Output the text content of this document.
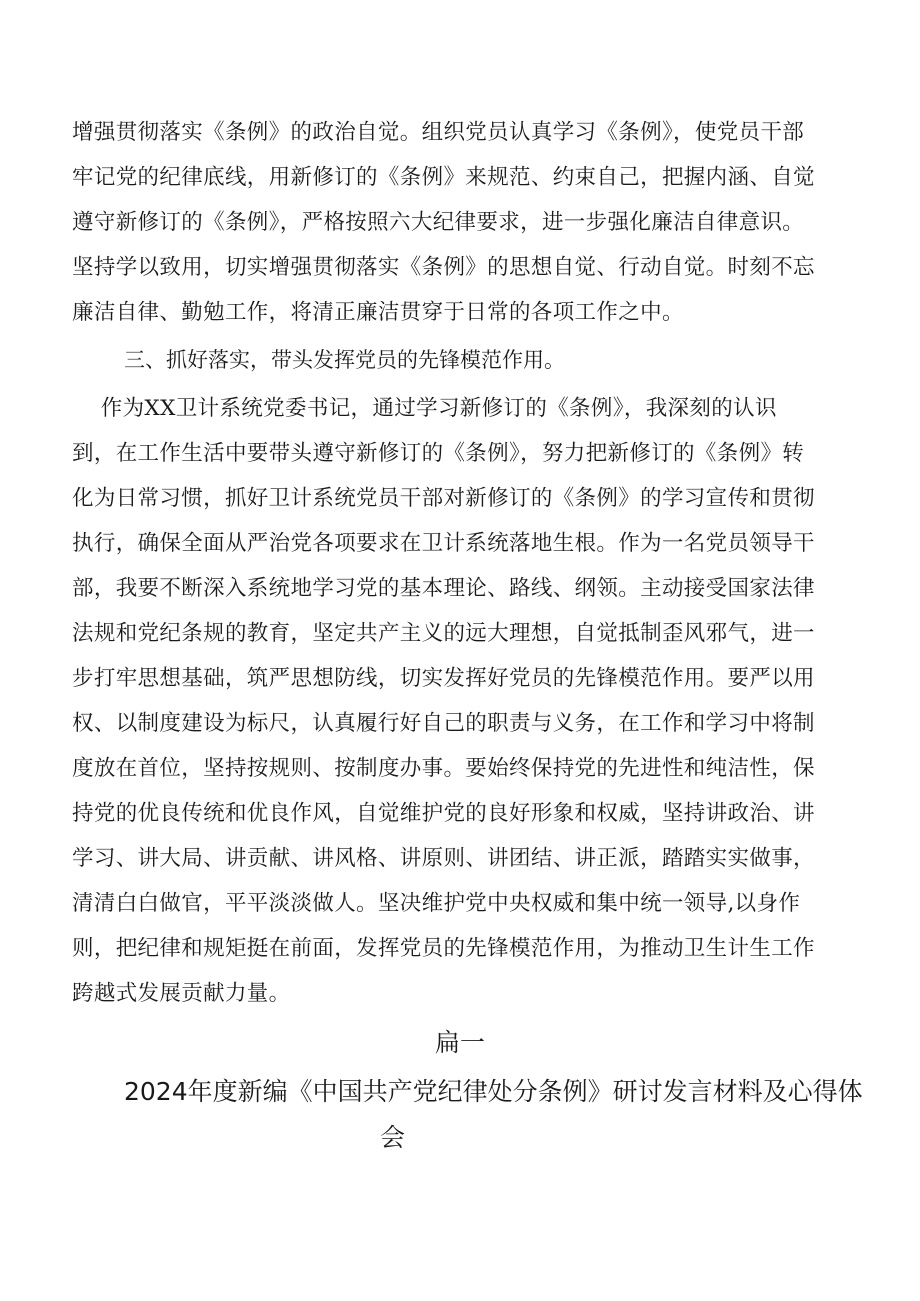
增强贯彻落实《条例》的政治自觉。组织党员认真学习《条例》，使党员干部
牢记党的纪律底线，用新修订的《条例》来规范、约束自己，把握内涵、自觉
遵守新修订的《条例》，严格按照六大纪律要求，进一步强化廉洁自律意识。
坚持学以致用，切实增强贯彻落实《条例》的思想自觉、行动自觉。时刻不忘
廉洁自律、勤勉工作，将清正廉洁贯穿于日常的各项工作之中。
三、抓好落实，带头发挥党员的先锋模范作用。
作为XX卫计系统党委书记，通过学习新修订的《条例》，我深刻的认识
到，在工作生活中要带头遵守新修订的《条例》，努力把新修订的《条例》转
化为日常习惯，抓好卫计系统党员干部对新修订的《条例》的学习宣传和贯彻
执行，确保全面从严治党各项要求在卫计系统落地生根。作为一名党员领导干
部，我要不断深入系统地学习党的基本理论、路线、纲领。主动接受国家法律
法规和党纪条规的教育，坚定共产主义的远大理想，自觉抵制歪风邪气，进一
步打牢思想基础，筑严思想防线，切实发挥好党员的先锋模范作用。要严以用
权、以制度建设为标尺，认真履行好自己的职责与义务，在工作和学习中将制
度放在首位，坚持按规则、按制度办事。要始终保持党的先进性和纯洁性，保
持党的优良传统和优良作风，自觉维护党的良好形象和权威，坚持讲政治、讲
学习、讲大局、讲贡献、讲风格、讲原则、讲团结、讲正派，踏踏实实做事，
清清白白做官，平平淡淡做人。坚决维护党中央权威和集中统一领导,以身作
则，把纪律和规矩挺在前面，发挥党员的先锋模范作用，为推动卫生计生工作
跨越式发展贡献力量。
扁一
2024年度新编《中国共产党纪律处分条例》研讨发言材料及心得体
会
